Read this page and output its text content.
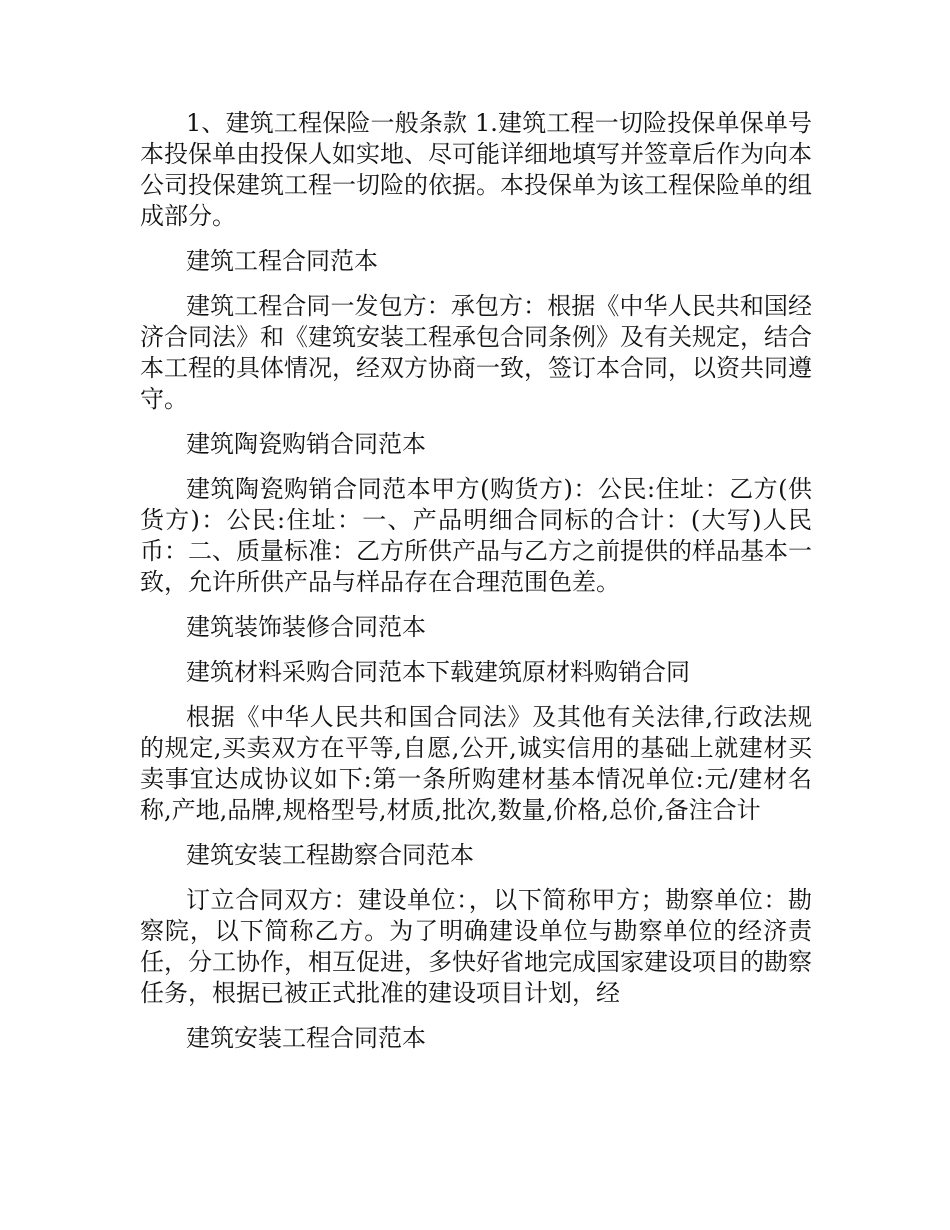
1、建筑工程保险一般条款 1.建筑工程一切险投保单保单号本投保单由投保人如实地、尽可能详细地填写并签章后作为向本公司投保建筑工程一切险的依据。本投保单为该工程保险单的组成部分。

建筑工程合同范本

建筑工程合同一发包方：承包方：根据《中华人民共和国经济合同法》和《建筑安装工程承包合同条例》及有关规定，结合本工程的具体情况，经双方协商一致，签订本合同，以资共同遵守。

建筑陶瓷购销合同范本

建筑陶瓷购销合同范本甲方(购货方)：公民:住址：乙方(供货方)：公民:住址：一、产品明细合同标的合计：(大写)人民币：二、质量标准：乙方所供产品与乙方之前提供的样品基本一致，允许所供产品与样品存在合理范围色差。

建筑装饰装修合同范本

建筑材料采购合同范本下载建筑原材料购销合同

根据《中华人民共和国合同法》及其他有关法律,行政法规的规定,买卖双方在平等,自愿,公开,诚实信用的基础上就建材买卖事宜达成协议如下:第一条所购建材基本情况单位:元/建材名称,产地,品牌,规格型号,材质,批次,数量,价格,总价,备注合计

建筑安装工程勘察合同范本

订立合同双方：建设单位：，以下简称甲方；勘察单位：勘察院，以下简称乙方。为了明确建设单位与勘察单位的经济责任，分工协作，相互促进，多快好省地完成国家建设项目的勘察任务，根据已被正式批准的建设项目计划，经

建筑安装工程合同范本
